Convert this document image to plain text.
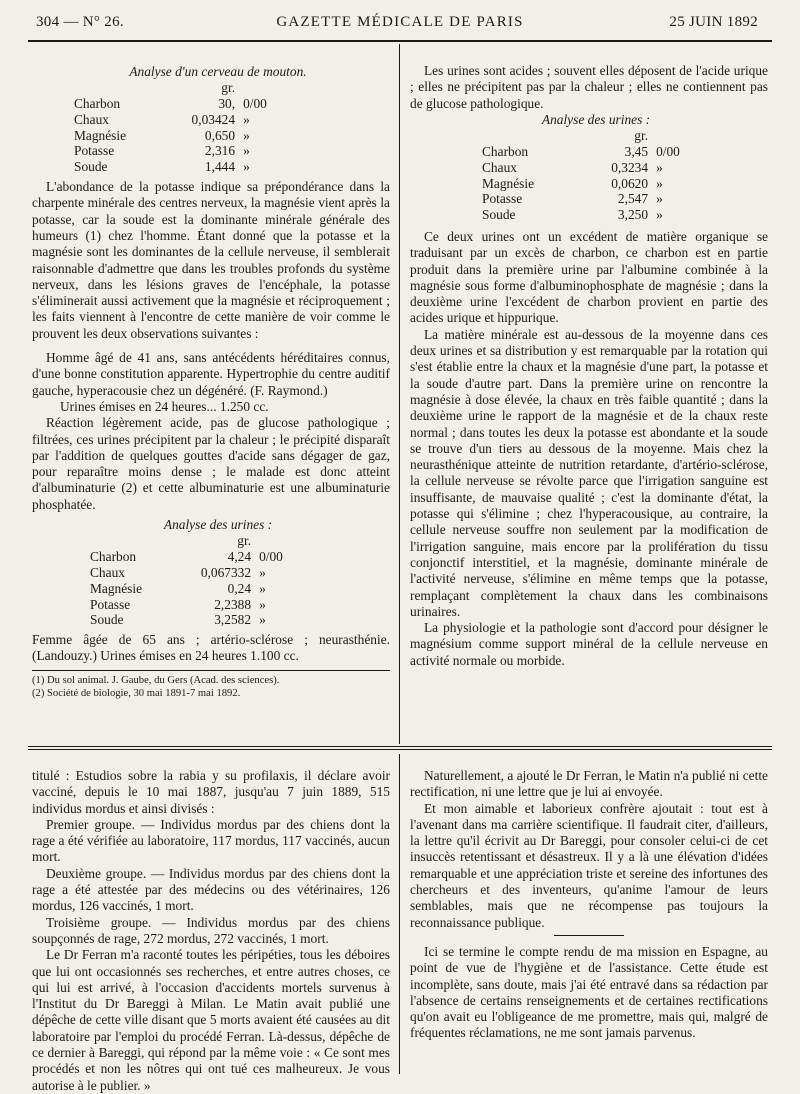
304 — N° 26.	GAZETTE MÉDICALE DE PARIS	25 JUIN 1892

Analyse d'un cerveau de mouton.

	gr.	
Charbon	30,	0/00
Chaux	0,03424	»
Magnésie	0,650	»
Potasse	2,316	»
Soude	1,444	»

L'abondance de la potasse indique sa prépondérance dans la charpente minérale des centres nerveux, la magnésie vient après la potasse, car la soude est la dominante minérale générale des humeurs (1) chez l'homme. Étant donné que la potasse et la magnésie sont les dominantes de la cellule nerveuse, il semblerait raisonnable d'admettre que dans les troubles profonds du système nerveux, dans les lésions graves de l'encéphale, la potasse s'éliminerait aussi activement que la magnésie et réciproquement ; les faits viennent à l'encontre de cette manière de voir comme le prouvent les deux observations suivantes :

Homme âgé de 41 ans, sans antécédents héréditaires connus, d'une bonne constitution apparente. Hypertrophie du centre auditif gauche, hyperacousie chez un dégénéré. (F. Raymond.)

Urines émises en 24 heures... 1.250 cc.

Réaction légèrement acide, pas de glucose pathologique ; filtrées, ces urines précipitent par la chaleur ; le précipité disparaît par l'addition de quelques gouttes d'acide sans dégager de gaz, pour reparaître moins dense ; le malade est donc atteint d'albuminaturie (2) et cette albuminaturie est une albuminaturie phosphatée.

Analyse des urines :

	gr.	
Charbon	4,24	0/00
Chaux	0,067332	»
Magnésie	0,24	»
Potasse	2,2388	»
Soude	3,2582	»

Femme âgée de 65 ans ; artério-sclérose ; neurasthénie. (Landouzy.) Urines émises en 24 heures 1.100 cc.

(1) Du sol animal. J. Gaube, du Gers (Acad. des sciences).

(2) Société de biologie, 30 mai 1891-7 mai 1892.

Les urines sont acides ; souvent elles déposent de l'acide urique ; elles ne précipitent pas par la chaleur ; elles ne contiennent pas de glucose pathologique.

Analyse des urines :

	gr.	
Charbon	3,45	0/00
Chaux	0,3234	»
Magnésie	0,0620	»
Potasse	2,547	»
Soude	3,250	»

Ce deux urines ont un excédent de matière organique se traduisant par un excès de charbon, ce charbon est en partie produit dans la première urine par l'albumine combinée à la magnésie sous forme d'albuminophosphate de magnésie ; dans la deuxième urine l'excédent de charbon provient en partie des acides urique et hippurique.

La matière minérale est au-dessous de la moyenne dans ces deux urines et sa distribution y est remarquable par la rotation qui s'est établie entre la chaux et la magnésie d'une part, la potasse et la soude d'autre part. Dans la première urine on rencontre la magnésie à dose élevée, la chaux en très faible quantité ; dans la deuxième urine le rapport de la magnésie et de la chaux reste normal ; dans toutes les deux la potasse est abondante et la soude se trouve d'un tiers au dessous de la moyenne. Mais chez la neurasthénique atteinte de nutrition retardante, d'artério-sclérose, la cellule nerveuse se révolte parce que l'irrigation sanguine est insuffisante, de mauvaise qualité ; c'est la dominante d'état, la potasse qui s'élimine ; chez l'hyperacousique, au contraire, la cellule nerveuse souffre non seulement par la modification de l'irrigation sanguine, mais encore par la prolifération du tissu conjonctif interstitiel, et la magnésie, dominante minérale de l'activité nerveuse, s'élimine en même temps que la potasse, remplaçant complètement la chaux dans les combinaisons urinaires.

La physiologie et la pathologie sont d'accord pour désigner le magnésium comme support minéral de la cellule nerveuse en activité normale ou morbide.

titulé : Estudios sobre la rabia y su profilaxis, il déclare avoir vacciné, depuis le 10 mai 1887, jusqu'au 7 juin 1889, 515 individus mordus et ainsi divisés :

Premier groupe. — Individus mordus par des chiens dont la rage a été vérifiée au laboratoire, 117 mordus, 117 vaccinés, aucun mort.

Deuxième groupe. — Individus mordus par des chiens dont la rage a été attestée par des médecins ou des vétérinaires, 126 mordus, 126 vaccinés, 1 mort.

Troisième groupe. — Individus mordus par des chiens soupçonnés de rage, 272 mordus, 272 vaccinés, 1 mort.

Le Dr Ferran m'a raconté toutes les péripéties, tous les déboires que lui ont occasionnés ses recherches, et entre autres choses, ce qui lui est arrivé, à l'occasion d'accidents mortels survenus à l'Institut du Dr Bareggi à Milan. Le Matin avait publié une dépêche de cette ville disant que 5 morts avaient été causées au dit laboratoire par l'emploi du procédé Ferran. Là-dessus, dépêche de ce dernier à Bareggi, qui répond par la même voie : « Ce sont mes procédés et non les nôtres qui ont tué ces malheureux. Je vous autorise à le publier. »

Naturellement, a ajouté le Dr Ferran, le Matin n'a publié ni cette rectification, ni une lettre que je lui ai envoyée.

Et mon aimable et laborieux confrère ajoutait : tout est à l'avenant dans ma carrière scientifique. Il faudrait citer, d'ailleurs, la lettre qu'il écrivit au Dr Bareggi, pour consoler celui-ci de cet insuccès retentissant et désastreux. Il y a là une élévation d'idées remarquable et une appréciation triste et sereine des infortunes des chercheurs et des inventeurs, qu'anime l'amour de leurs semblables, mais que ne récompense pas toujours la reconnaissance publique.

Ici se termine le compte rendu de ma mission en Espagne, au point de vue de l'hygiène et de l'assistance. Cette étude est incomplète, sans doute, mais j'ai été entravé dans sa rédaction par l'absence de certains renseignements et de certaines rectifications qu'on avait eu l'obligeance de me promettre, mais qui, malgré de fréquentes réclamations, ne me sont jamais parvenus.
